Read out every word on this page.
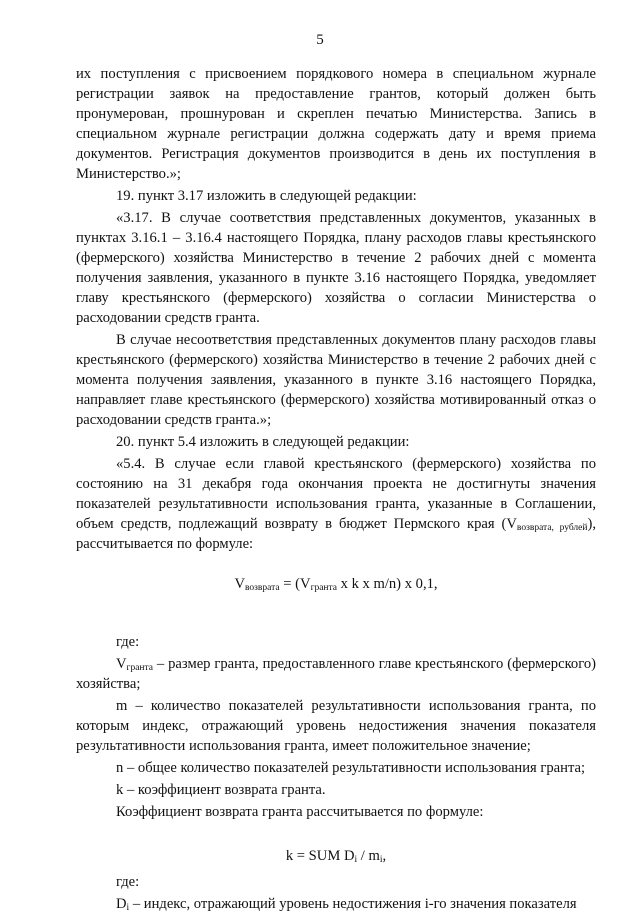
5

их поступления с присвоением порядкового номера в специальном журнале регистрации заявок на предоставление грантов, который должен быть пронумерован, прошнурован и скреплен печатью Министерства. Запись в специальном журнале регистрации должна содержать дату и время приема документов. Регистрация документов производится в день их поступления в Министерство.»;

19. пункт 3.17 изложить в следующей редакции:

«3.17. В случае соответствия представленных документов, указанных в пунктах 3.16.1 – 3.16.4 настоящего Порядка, плану расходов главы крестьянского (фермерского) хозяйства Министерство в течение 2 рабочих дней с момента получения заявления, указанного в пункте 3.16 настоящего Порядка, уведомляет главу крестьянского (фермерского) хозяйства о согласии Министерства о расходовании средств гранта.

В случае несоответствия представленных документов плану расходов главы крестьянского (фермерского) хозяйства Министерство в течение 2 рабочих дней с момента получения заявления, указанного в пункте 3.16 настоящего Порядка, направляет главе крестьянского (фермерского) хозяйства мотивированный отказ о расходовании средств гранта.»;

20. пункт 5.4 изложить в следующей редакции:

«5.4. В случае если главой крестьянского (фермерского) хозяйства по состоянию на 31 декабря года окончания проекта не достигнуты значения показателей результативности использования гранта, указанные в Соглашении, объем средств, подлежащий возврату в бюджет Пермского края $(V_{возврата, рублей})$, рассчитывается по формуле:

$V_{возврата} = (V_{гранта}$ x k x m/n) x 0,1,

где:

$V_{гранта}$ – размер гранта, предоставленного главе крестьянского (фермерского) хозяйства;

m – количество показателей результативности использования гранта, по которым индекс, отражающий уровень недостижения значения показателя результативности использования гранта, имеет положительное значение;

n – общее количество показателей результативности использования гранта;

k – коэффициент возврата гранта.

Коэффициент возврата гранта рассчитывается по формуле:

k = SUM $D_i / m_i$,

где:

$D_i$ – индекс, отражающий уровень недостижения i-го значения показателя
